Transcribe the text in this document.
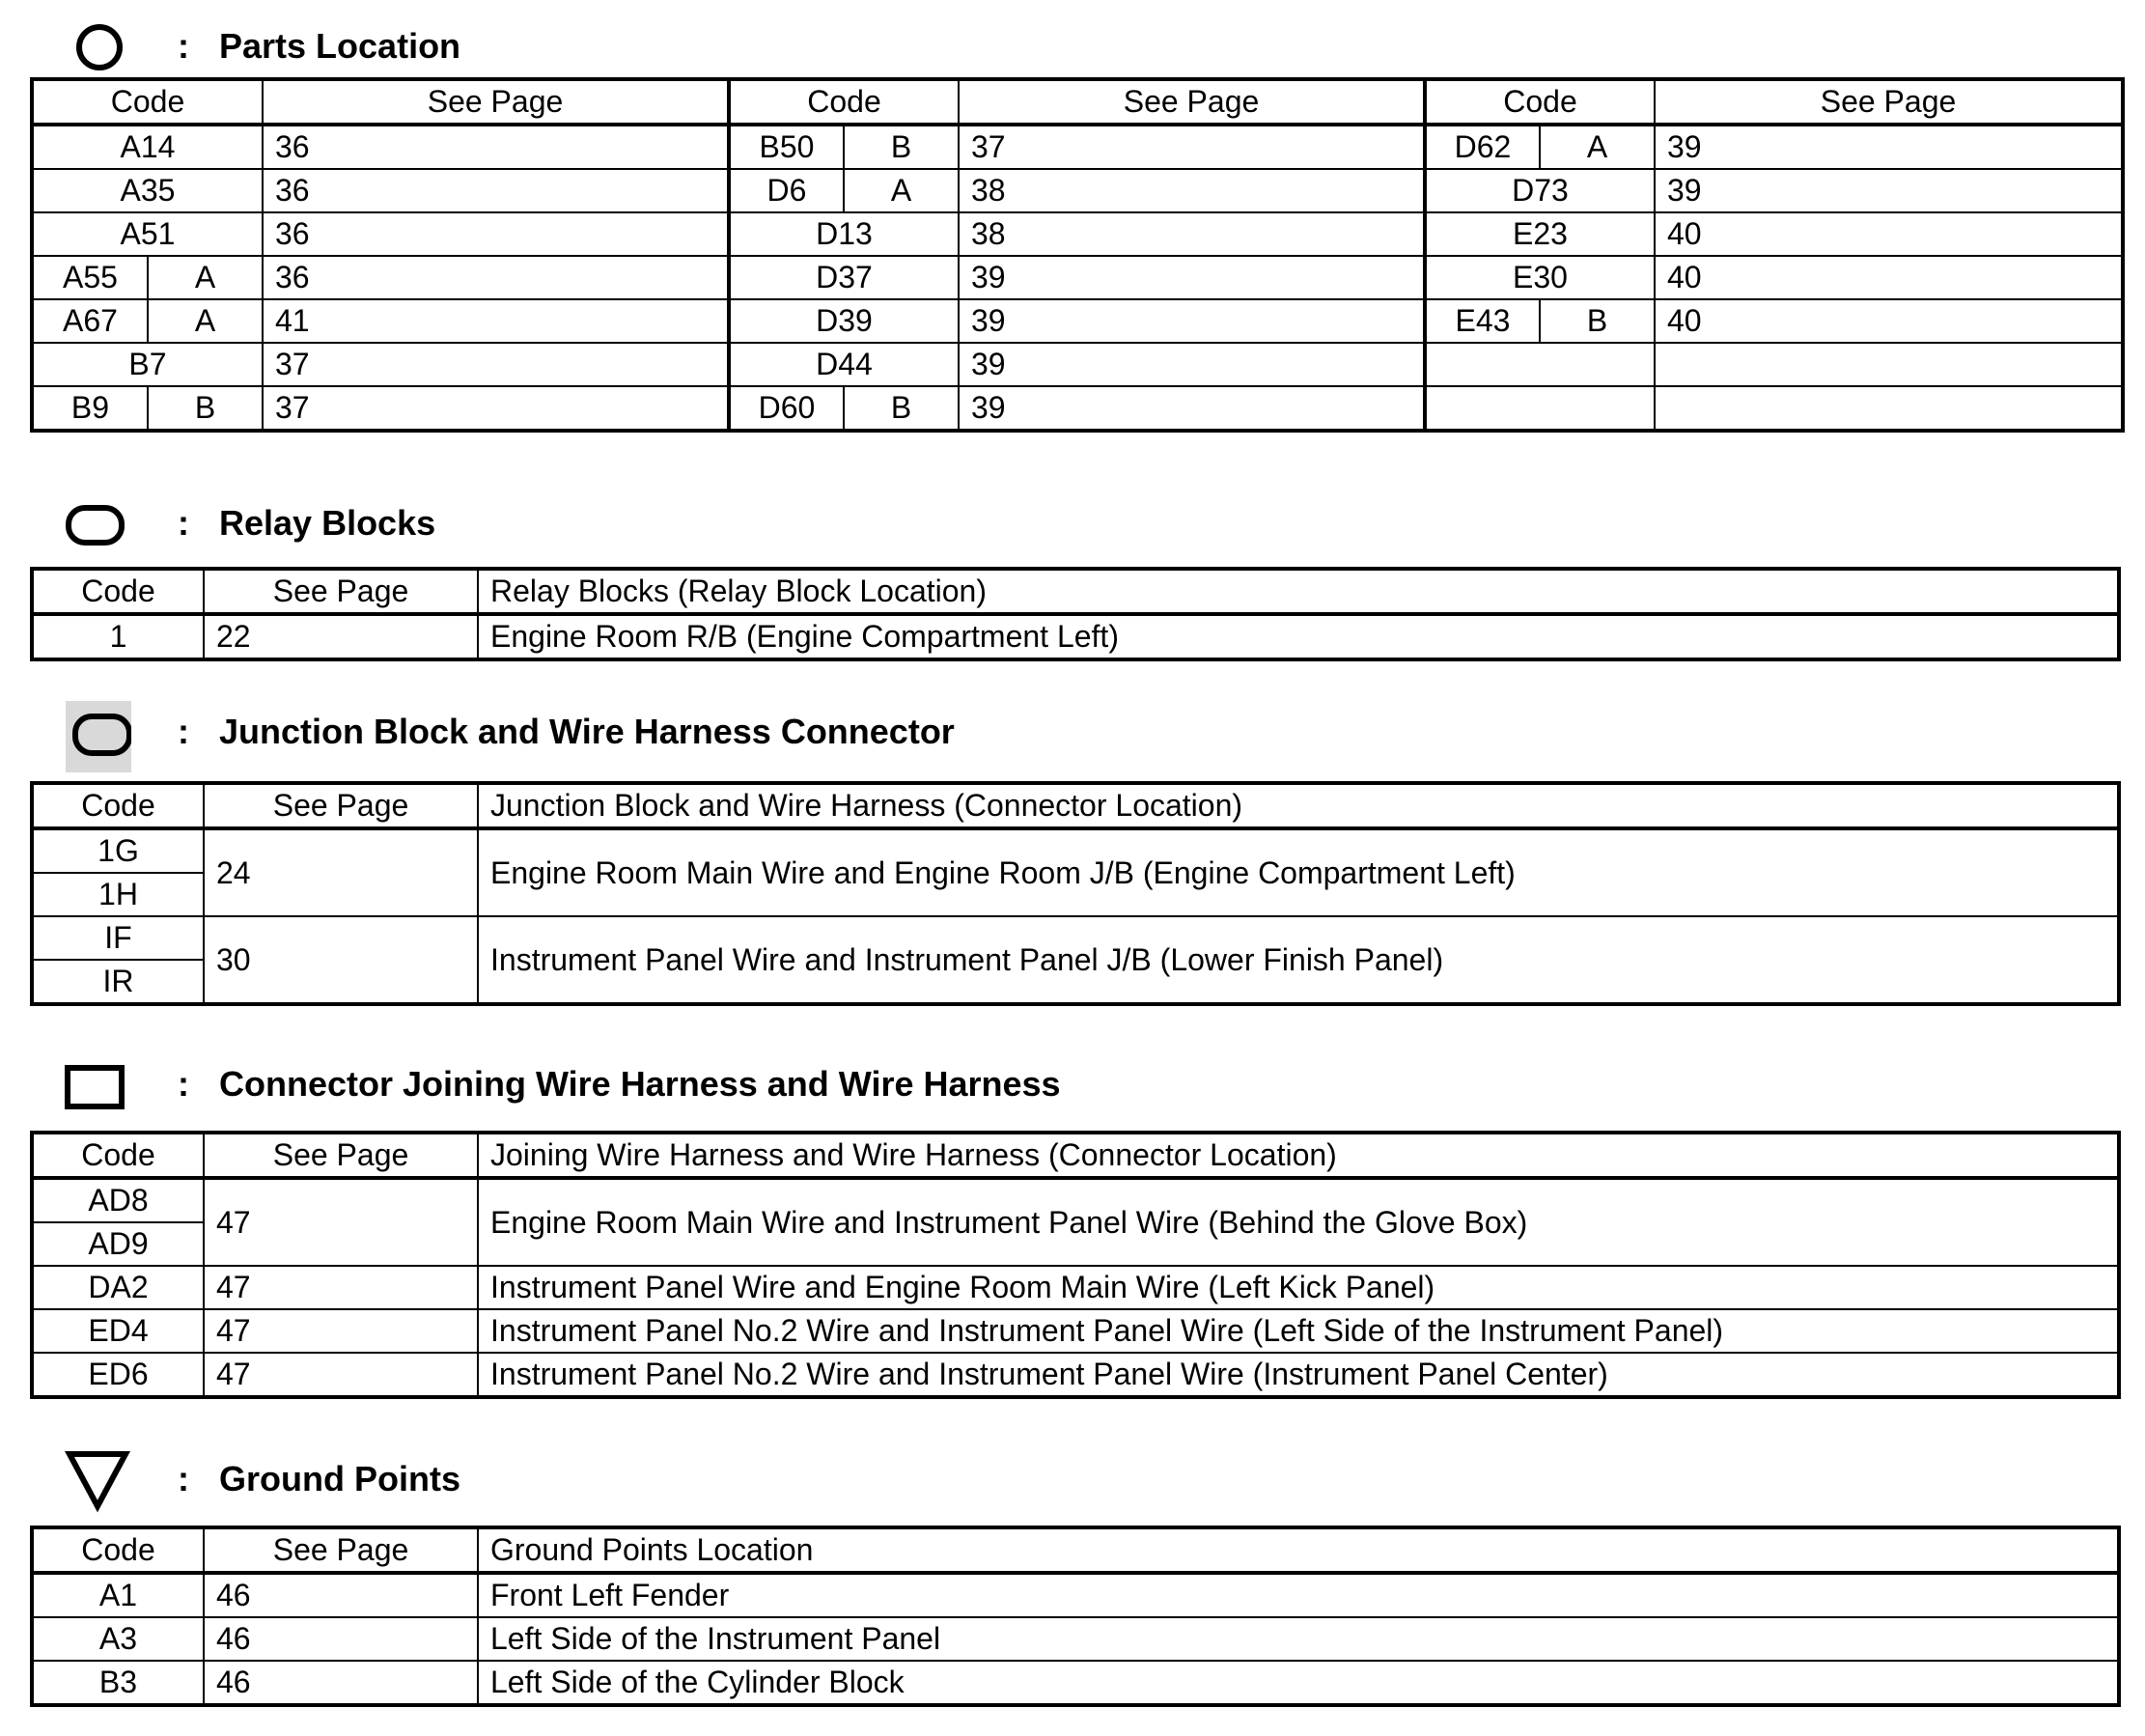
: Parts Location
Code		See Page	Code		See Page	Code		See Page
A14		36	B50	B	37	D62	A	39
A35		36	D6	A	38	D73		39
A51		36	D13		38	E23		40
A55	A	36	D37		39	E30		40
A67	A	41	D39		39	E43	B	40
B7		37	D44		39			
B9	B	37	D60	B	39			
: Relay Blocks
Code	See Page	Relay Blocks (Relay Block Location)
1	22	Engine Room R/B (Engine Compartment Left)
: Junction Block and Wire Harness Connector
Code	See Page	Junction Block and Wire Harness (Connector Location)
1G	24	Engine Room Main Wire and Engine Room J/B (Engine Compartment Left)
1H		
IF	30	Instrument Panel Wire and Instrument Panel J/B (Lower Finish Panel)
IR		
: Connector Joining Wire Harness and Wire Harness
Code	See Page	Joining Wire Harness and Wire Harness (Connector Location)
AD8	47	Engine Room Main Wire and Instrument Panel Wire (Behind the Glove Box)
AD9		
DA2	47	Instrument Panel Wire and Engine Room Main Wire (Left Kick Panel)
ED4	47	Instrument Panel No.2 Wire and Instrument Panel Wire (Left Side of the Instrument Panel)
ED6	47	Instrument Panel No.2 Wire and Instrument Panel Wire (Instrument Panel Center)
: Ground Points
Code	See Page	Ground Points Location
A1	46	Front Left Fender
A3	46	Left Side of the Instrument Panel
B3	46	Left Side of the Cylinder Block
